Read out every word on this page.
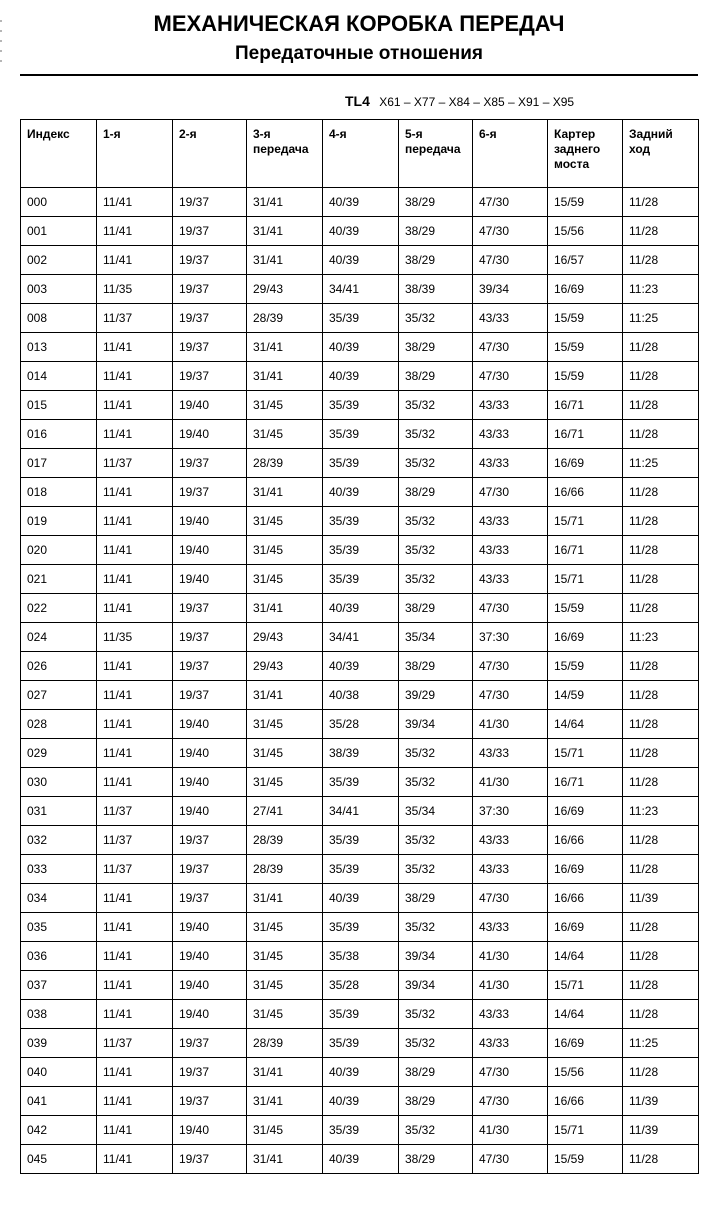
МЕХАНИЧЕСКАЯ КОРОБКА ПЕРЕДАЧ
Передаточные отношения
TL4 X61 – X77 – X84 – X85 – X91 – X95
Индекс	1-я	2-я	3-я передача	4-я	5-я передача	6-я	Картер заднего моста	Задний ход
000	11/41	19/37	31/41	40/39	38/29	47/30	15/59	11/28
001	11/41	19/37	31/41	40/39	38/29	47/30	15/56	11/28
002	11/41	19/37	31/41	40/39	38/29	47/30	16/57	11/28
003	11/35	19/37	29/43	34/41	38/39	39/34	16/69	11:23
008	11/37	19/37	28/39	35/39	35/32	43/33	15/59	11:25
013	11/41	19/37	31/41	40/39	38/29	47/30	15/59	11/28
014	11/41	19/37	31/41	40/39	38/29	47/30	15/59	11/28
015	11/41	19/40	31/45	35/39	35/32	43/33	16/71	11/28
016	11/41	19/40	31/45	35/39	35/32	43/33	16/71	11/28
017	11/37	19/37	28/39	35/39	35/32	43/33	16/69	11:25
018	11/41	19/37	31/41	40/39	38/29	47/30	16/66	11/28
019	11/41	19/40	31/45	35/39	35/32	43/33	15/71	11/28
020	11/41	19/40	31/45	35/39	35/32	43/33	16/71	11/28
021	11/41	19/40	31/45	35/39	35/32	43/33	15/71	11/28
022	11/41	19/37	31/41	40/39	38/29	47/30	15/59	11/28
024	11/35	19/37	29/43	34/41	35/34	37:30	16/69	11:23
026	11/41	19/37	29/43	40/39	38/29	47/30	15/59	11/28
027	11/41	19/37	31/41	40/38	39/29	47/30	14/59	11/28
028	11/41	19/40	31/45	35/28	39/34	41/30	14/64	11/28
029	11/41	19/40	31/45	38/39	35/32	43/33	15/71	11/28
030	11/41	19/40	31/45	35/39	35/32	41/30	16/71	11/28
031	11/37	19/40	27/41	34/41	35/34	37:30	16/69	11:23
032	11/37	19/37	28/39	35/39	35/32	43/33	16/66	11/28
033	11/37	19/37	28/39	35/39	35/32	43/33	16/69	11/28
034	11/41	19/37	31/41	40/39	38/29	47/30	16/66	11/39
035	11/41	19/40	31/45	35/39	35/32	43/33	16/69	11/28
036	11/41	19/40	31/45	35/38	39/34	41/30	14/64	11/28
037	11/41	19/40	31/45	35/28	39/34	41/30	15/71	11/28
038	11/41	19/40	31/45	35/39	35/32	43/33	14/64	11/28
039	11/37	19/37	28/39	35/39	35/32	43/33	16/69	11:25
040	11/41	19/37	31/41	40/39	38/29	47/30	15/56	11/28
041	11/41	19/37	31/41	40/39	38/29	47/30	16/66	11/39
042	11/41	19/40	31/45	35/39	35/32	41/30	15/71	11/39
045	11/41	19/37	31/41	40/39	38/29	47/30	15/59	11/28
